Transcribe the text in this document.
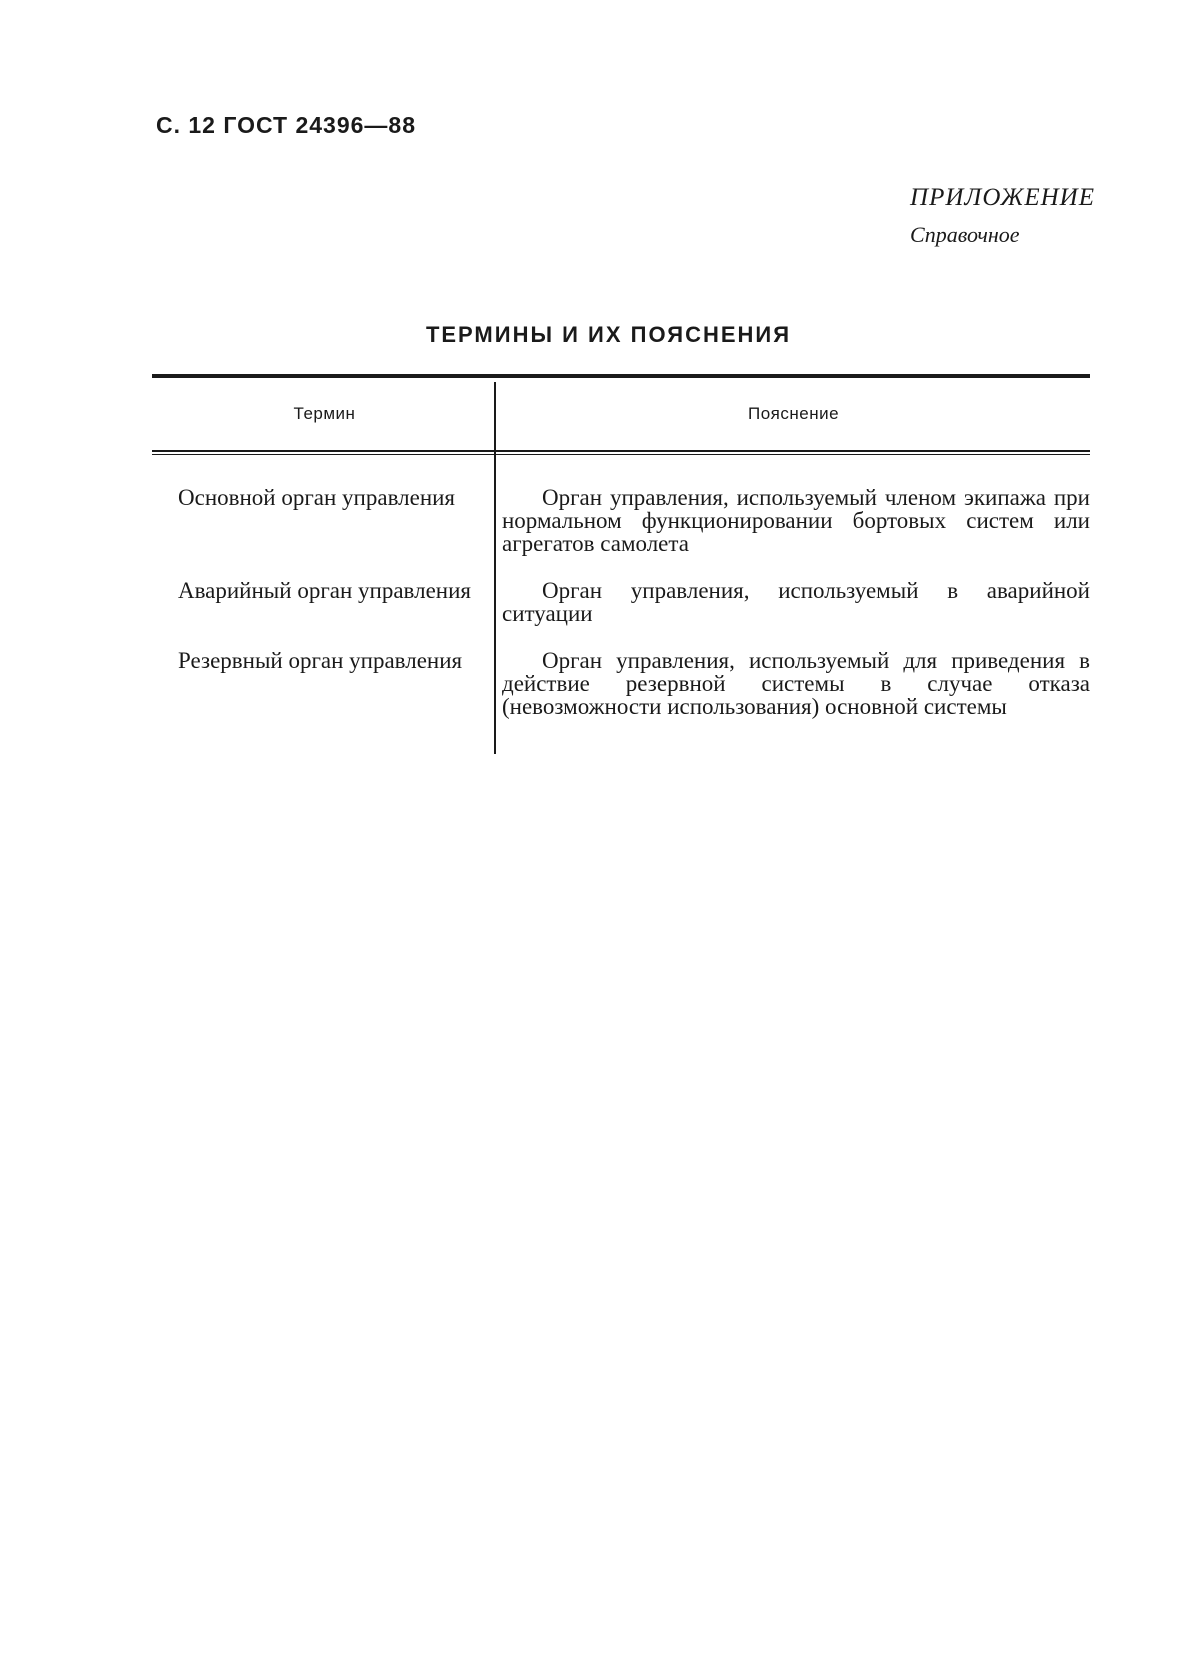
С. 12 ГОСТ 24396—88
ПРИЛОЖЕНИЕ
Справочное
ТЕРМИНЫ И ИХ ПОЯСНЕНИЯ
Термин	Пояснение
Основной орган управления	Орган управления, используемый членом экипажа при нормальном функционировании бортовых систем или агрегатов самолета
Аварийный орган управления	Орган управления, используемый в аварийной ситуации
Резервный орган управления	Орган управления, используемый для приведения в действие резервной системы в случае отказа (невозможности использования) основной системы
